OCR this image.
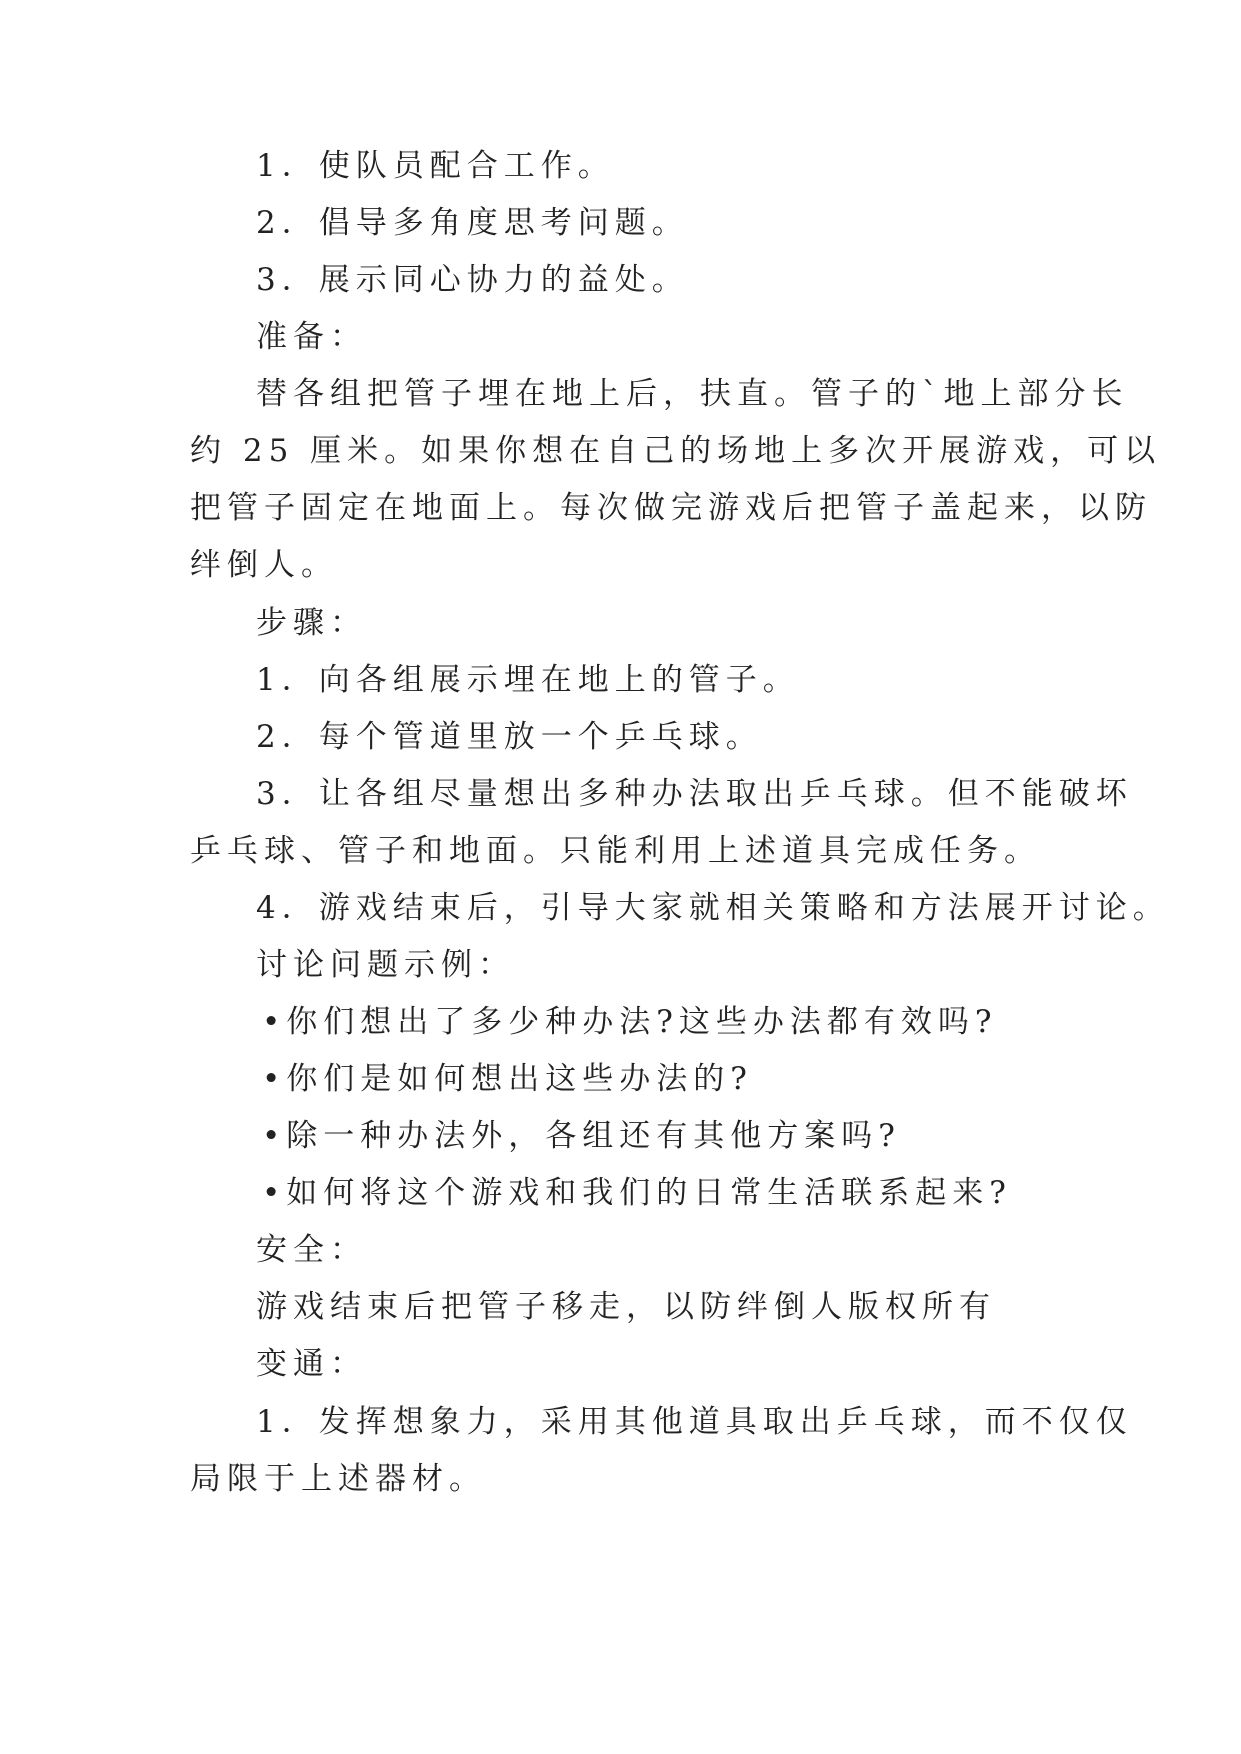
1．使队员配合工作。
2．倡导多角度思考问题。
3．展示同心协力的益处。
准备：
替各组把管子埋在地上后，扶直。管子的`地上部分长
约 25 厘米。如果你想在自己的场地上多次开展游戏，可以
把管子固定在地面上。每次做完游戏后把管子盖起来，以防
绊倒人。
步骤：
1．向各组展示埋在地上的管子。
2．每个管道里放一个乒乓球。
3．让各组尽量想出多种办法取出乒乓球。但不能破坏
乒乓球、管子和地面。只能利用上述道具完成任务。
4．游戏结束后，引导大家就相关策略和方法展开讨论。
讨论问题示例：
•你们想出了多少种办法?这些办法都有效吗?
•你们是如何想出这些办法的?
•除一种办法外，各组还有其他方案吗?
•如何将这个游戏和我们的日常生活联系起来?
安全：
游戏结束后把管子移走，以防绊倒人版权所有
变通：
1．发挥想象力，采用其他道具取出乒乓球，而不仅仅
局限于上述器材。
